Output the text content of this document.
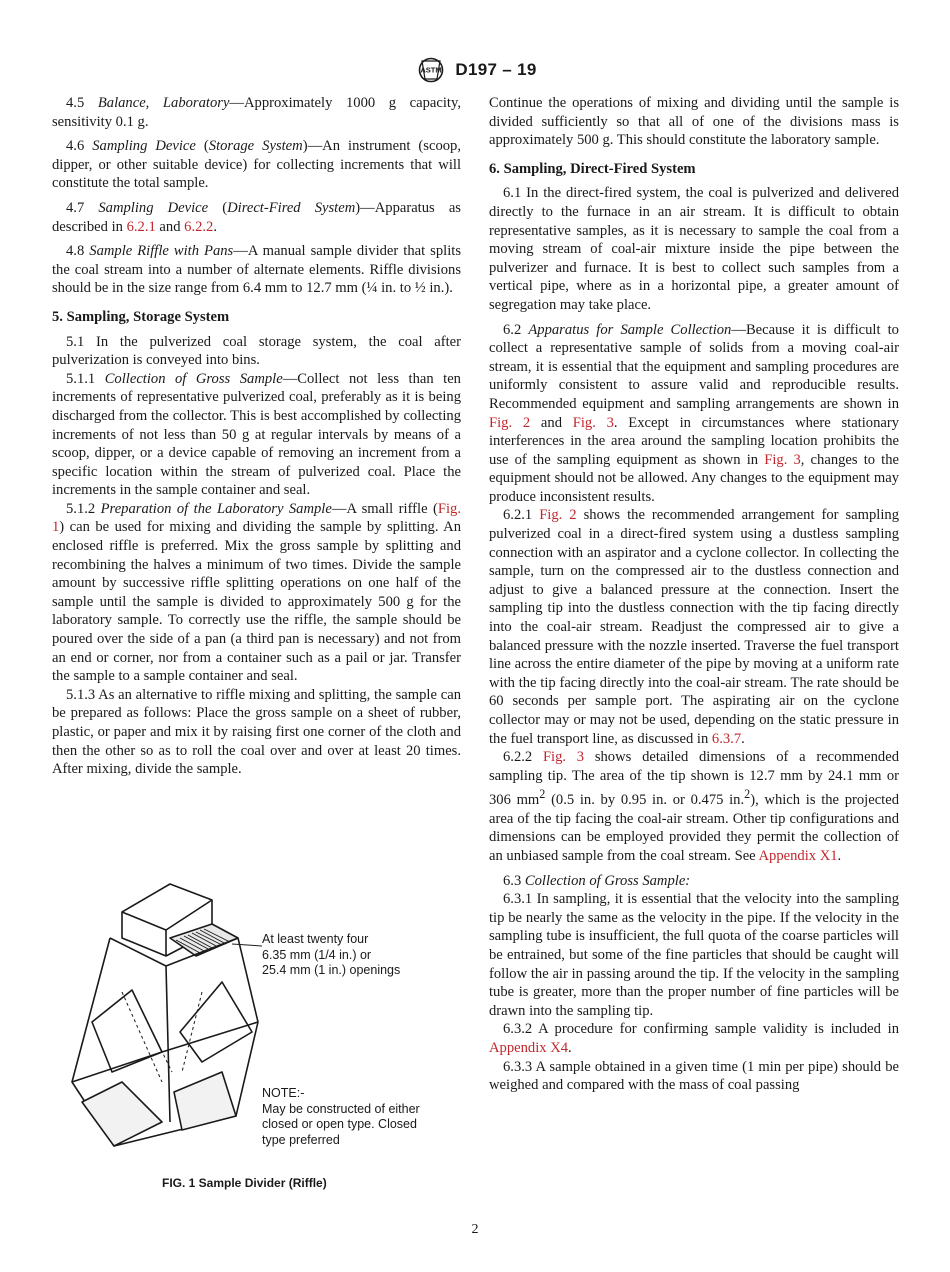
ASTM D197 – 19

4.5 Balance, Laboratory—Approximately 1000 g capacity, sensitivity 0.1 g.

4.6 Sampling Device (Storage System)—An instrument (scoop, dipper, or other suitable device) for collecting increments that will constitute the total sample.

4.7 Sampling Device (Direct-Fired System)—Apparatus as described in 6.2.1 and 6.2.2.

4.8 Sample Riffle with Pans—A manual sample divider that splits the coal stream into a number of alternate elements. Riffle divisions should be in the size range from 6.4 mm to 12.7 mm (¼ in. to ½ in.).

5. Sampling, Storage System

5.1 In the pulverized coal storage system, the coal after pulverization is conveyed into bins.

5.1.1 Collection of Gross Sample—Collect not less than ten increments of representative pulverized coal, preferably as it is being discharged from the collector. This is best accomplished by collecting increments of not less than 50 g at regular intervals by means of a scoop, dipper, or a device capable of removing an increment from a specific location within the stream of pulverized coal. Place the increments in the sample container and seal.

5.1.2 Preparation of the Laboratory Sample—A small riffle (Fig. 1) can be used for mixing and dividing the sample by splitting. An enclosed riffle is preferred. Mix the gross sample by splitting and recombining the halves a minimum of two times. Divide the sample amount by successive riffle splitting operations on one half of the sample until the sample is divided to approximately 500 g for the laboratory sample. To correctly use the riffle, the sample should be poured over the side of a pan (a third pan is necessary) and not from an end or corner, nor from a container such as a pail or jar. Transfer the sample to a sample container and seal.

5.1.3 As an alternative to riffle mixing and splitting, the sample can be prepared as follows: Place the gross sample on a sheet of rubber, plastic, or paper and mix it by raising first one corner of the cloth and then the other so as to roll the coal over and over at least 20 times. After mixing, divide the sample.

At least twenty four
6.35 mm (1/4 in.) or
25.4 mm (1 in.) openings
NOTE:-
May be constructed of either
closed or open type. Closed
type preferred
FIG. 1 Sample Divider (Riffle)

Continue the operations of mixing and dividing until the sample is divided sufficiently so that all of one of the divisions mass is approximately 500 g. This should constitute the laboratory sample.

6. Sampling, Direct-Fired System

6.1 In the direct-fired system, the coal is pulverized and delivered directly to the furnace in an air stream. It is difficult to obtain representative samples, as it is necessary to sample the coal from a moving stream of coal-air mixture inside the pipe between the pulverizer and furnace. It is best to collect such samples from a vertical pipe, where as in a horizontal pipe, a greater amount of segregation may take place.

6.2 Apparatus for Sample Collection—Because it is difficult to collect a representative sample of solids from a moving coal-air stream, it is essential that the equipment and sampling procedures are uniformly consistent to assure valid and reproducible results. Recommended equipment and sampling arrangements are shown in Fig. 2 and Fig. 3. Except in circumstances where stationary interferences in the area around the sampling location prohibits the use of the sampling equipment as shown in Fig. 3, changes to the equipment should not be allowed. Any changes to the equipment may produce inconsistent results.

6.2.1 Fig. 2 shows the recommended arrangement for sampling pulverized coal in a direct-fired system using a dustless sampling connection with an aspirator and a cyclone collector. In collecting the sample, turn on the compressed air to the dustless connection and adjust to give a balanced pressure at the connection. Insert the sampling tip into the dustless connection with the tip facing directly into the coal-air stream. Readjust the compressed air to give a balanced pressure with the nozzle inserted. Traverse the fuel transport line across the entire diameter of the pipe by moving at a uniform rate with the tip facing directly into the coal-air stream. The rate should be 60 seconds per sample port. The aspirating air on the cyclone collector may or may not be used, depending on the static pressure in the fuel transport line, as discussed in 6.3.7.

6.2.2 Fig. 3 shows detailed dimensions of a recommended sampling tip. The area of the tip shown is 12.7 mm by 24.1 mm or 306 $mm^2$ (0.5 in. by 0.95 in. or 0.475 in.$^2$), which is the projected area of the tip facing the coal-air stream. Other tip configurations and dimensions can be employed provided they permit the collection of an unbiased sample from the coal stream. See Appendix X1.

6.3 Collection of Gross Sample:

6.3.1 In sampling, it is essential that the velocity into the sampling tip be nearly the same as the velocity in the pipe. If the velocity in the sampling tube is insufficient, the full quota of the coarse particles will be entrained, but some of the fine particles that should be caught will follow the air in passing around the tip. If the velocity in the sampling tube is greater, more than the proper number of fine particles will be drawn into the sampling tip.

6.3.2 A procedure for confirming sample validity is included in Appendix X4.

6.3.3 A sample obtained in a given time (1 min per pipe) should be weighed and compared with the mass of coal passing

2
